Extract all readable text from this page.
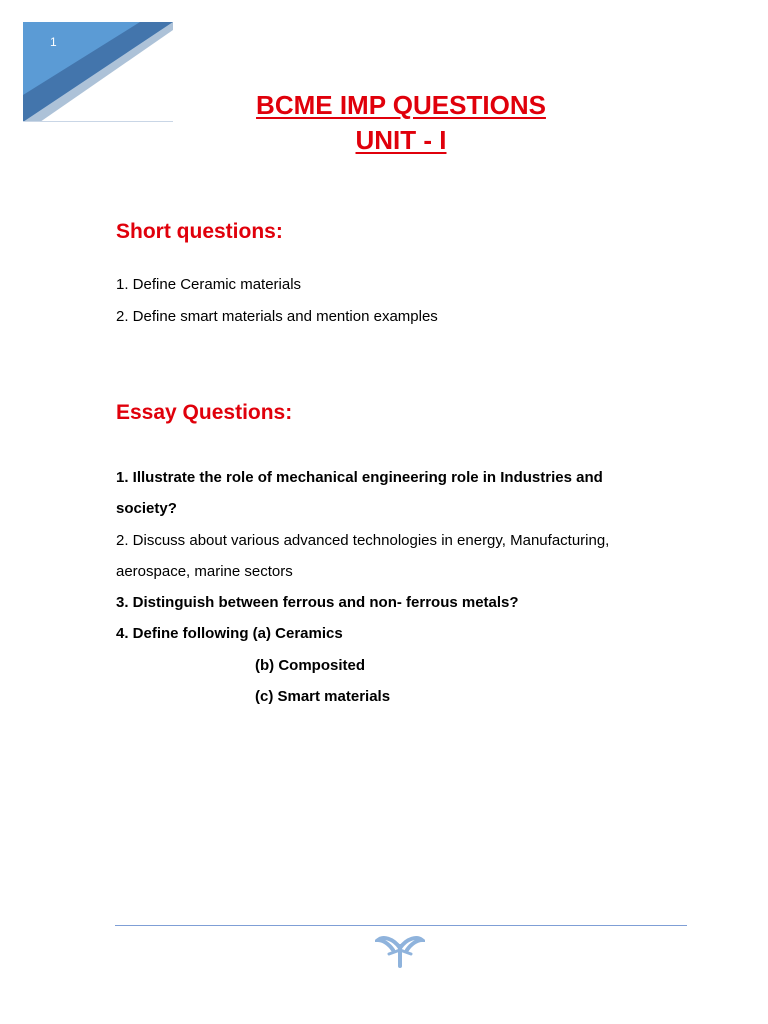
1
BCME IMP QUESTIONS
UNIT - I
Short questions:
1. Define Ceramic materials
2. Define smart materials and mention examples
Essay Questions:
1. Illustrate the role of mechanical engineering role in Industries and
society?
2. Discuss about various advanced technologies in energy, Manufacturing,
aerospace, marine sectors
3. Distinguish between ferrous and non- ferrous metals?
4. Define following (a) Ceramics
(b) Composited
(c) Smart materials
